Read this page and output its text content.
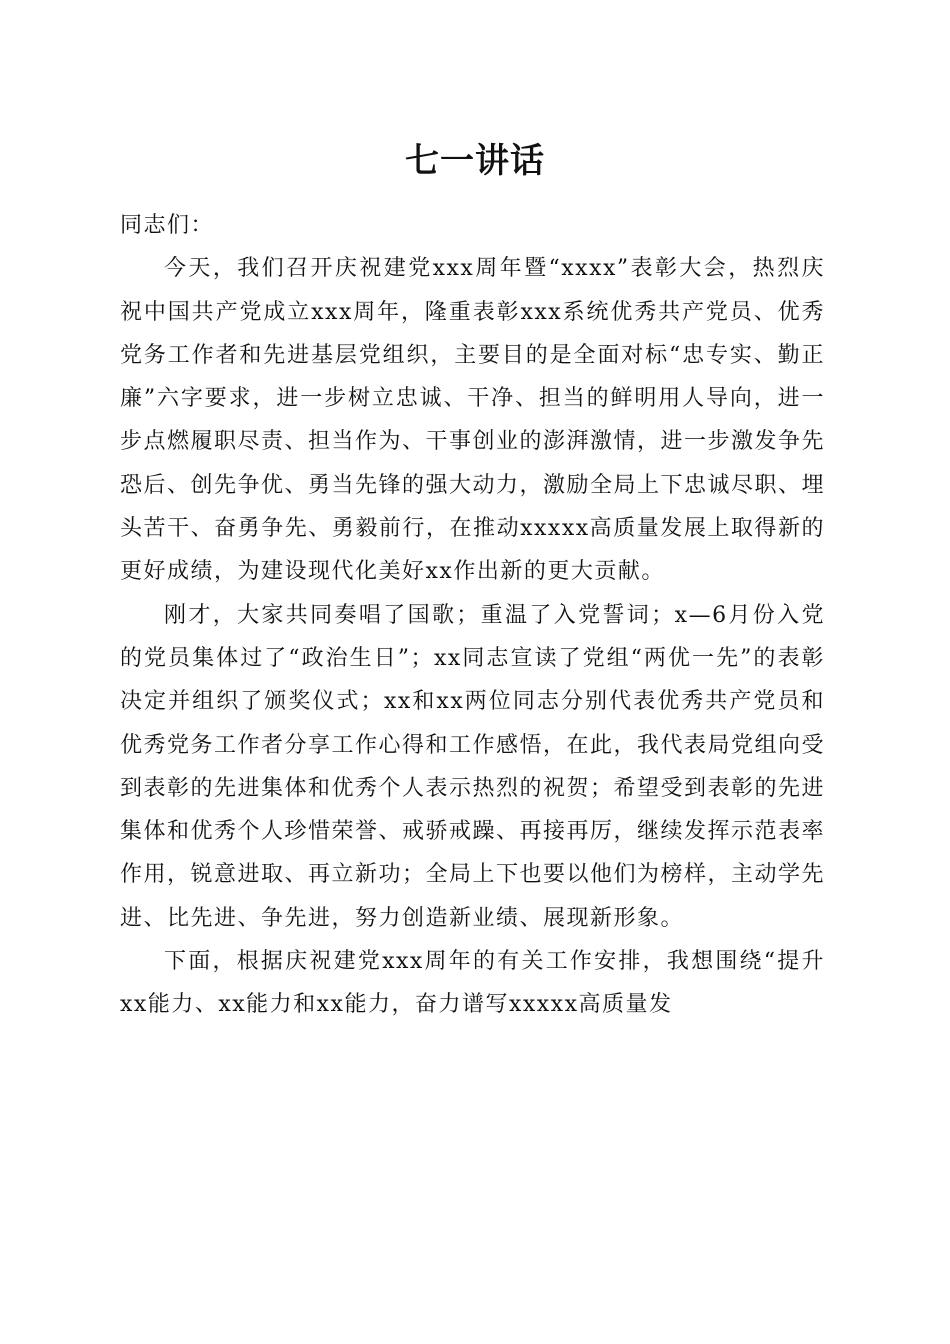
七一讲话

同志们：

今天，我们召开庆祝建党xxx周年暨“xxxx”表彰大会，热烈庆祝中国共产党成立xxx周年，隆重表彰xxx系统优秀共产党员、优秀党务工作者和先进基层党组织，主要目的是全面对标“忠专实、勤正廉”六字要求，进一步树立忠诚、干净、担当的鲜明用人导向，进一步点燃履职尽责、担当作为、干事创业的澎湃激情，进一步激发争先恐后、创先争优、勇当先锋的强大动力，激励全局上下忠诚尽职、埋头苦干、奋勇争先、勇毅前行，在推动xxxxx高质量发展上取得新的更好成绩，为建设现代化美好xx作出新的更大贡献。

刚才，大家共同奏唱了国歌；重温了入党誓词；x—6月份入党的党员集体过了“政治生日”；xx同志宣读了党组“两优一先”的表彰决定并组织了颁奖仪式；xx和xx两位同志分别代表优秀共产党员和优秀党务工作者分享工作心得和工作感悟，在此，我代表局党组向受到表彰的先进集体和优秀个人表示热烈的祝贺；希望受到表彰的先进集体和优秀个人珍惜荣誉、戒骄戒躁、再接再厉，继续发挥示范表率作用，锐意进取、再立新功；全局上下也要以他们为榜样，主动学先进、比先进、争先进，努力创造新业绩、展现新形象。

下面，根据庆祝建党xxx周年的有关工作安排，我想围绕“提升xx能力、xx能力和xx能力，奋力谱写xxxxx高质量发
